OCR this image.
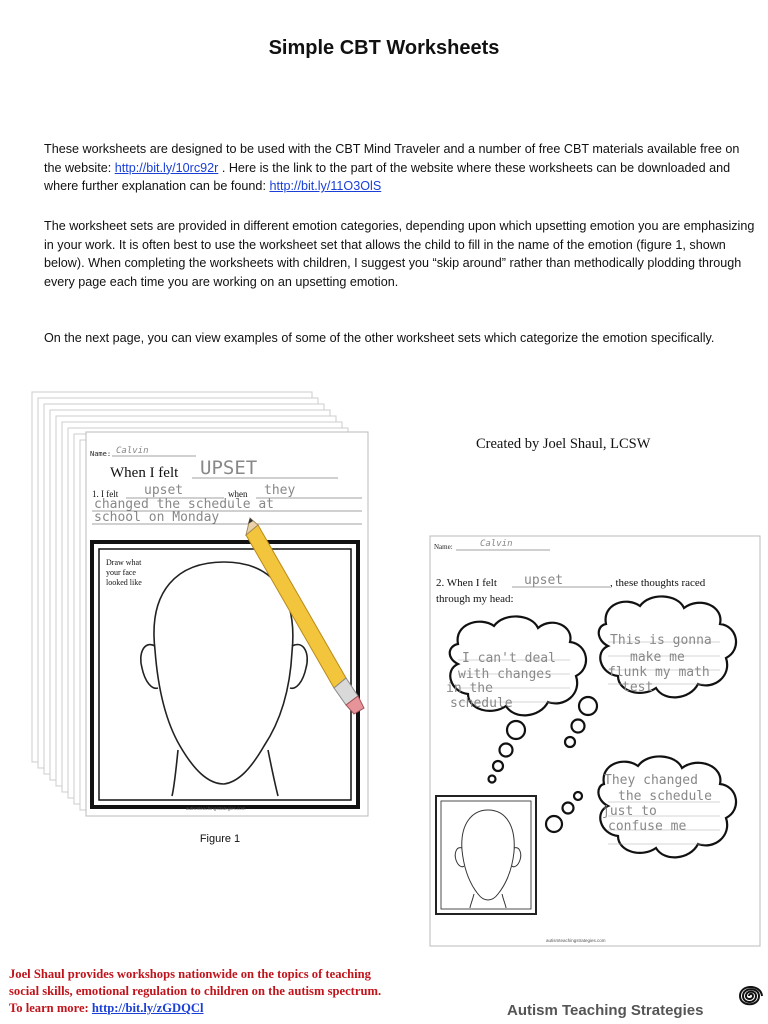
Simple CBT Worksheets

These worksheets are designed to be used with the CBT Mind Traveler and a number of free CBT materials available free on the website: http://bit.ly/10rc92r . Here is the link to the part of the website where these worksheets can be downloaded and where further explanation can be found: http://bit.ly/11O3OlS

The worksheet sets are provided in different emotion categories, depending upon which upsetting emotion you are emphasizing in your work. It is often best to use the worksheet set that allows the child to fill in the name of the emotion (figure 1, shown below). When completing the worksheets with children, I suggest you “skip around” rather than methodically plodding through every page each time you are working on an upsetting emotion.

On the next page, you can view examples of some of the other worksheet sets which categorize the emotion specifically.

Created by Joel Shaul, LCSW
Name: Calvin
When I felt UPSET
1. I felt upset	when they
changed the schedule at
school on Monday
Draw what
your face
looked like
autismteachingstrategies.com
Figure 1
Name:	Calvin
2. When I felt upset	, these thoughts raced
through my head:
I can't deal
with changes
in the
schedule
This is gonna
make me
flunk my math
test
They changed
the schedule
just to
confuse me
autismteachingstrategies.com
Joel Shaul provides workshops nationwide on the topics of teaching social skills, emotional regulation to children on the autism spectrum. To learn more: http://bit.ly/zGDQCl	Autism Teaching Strategies
